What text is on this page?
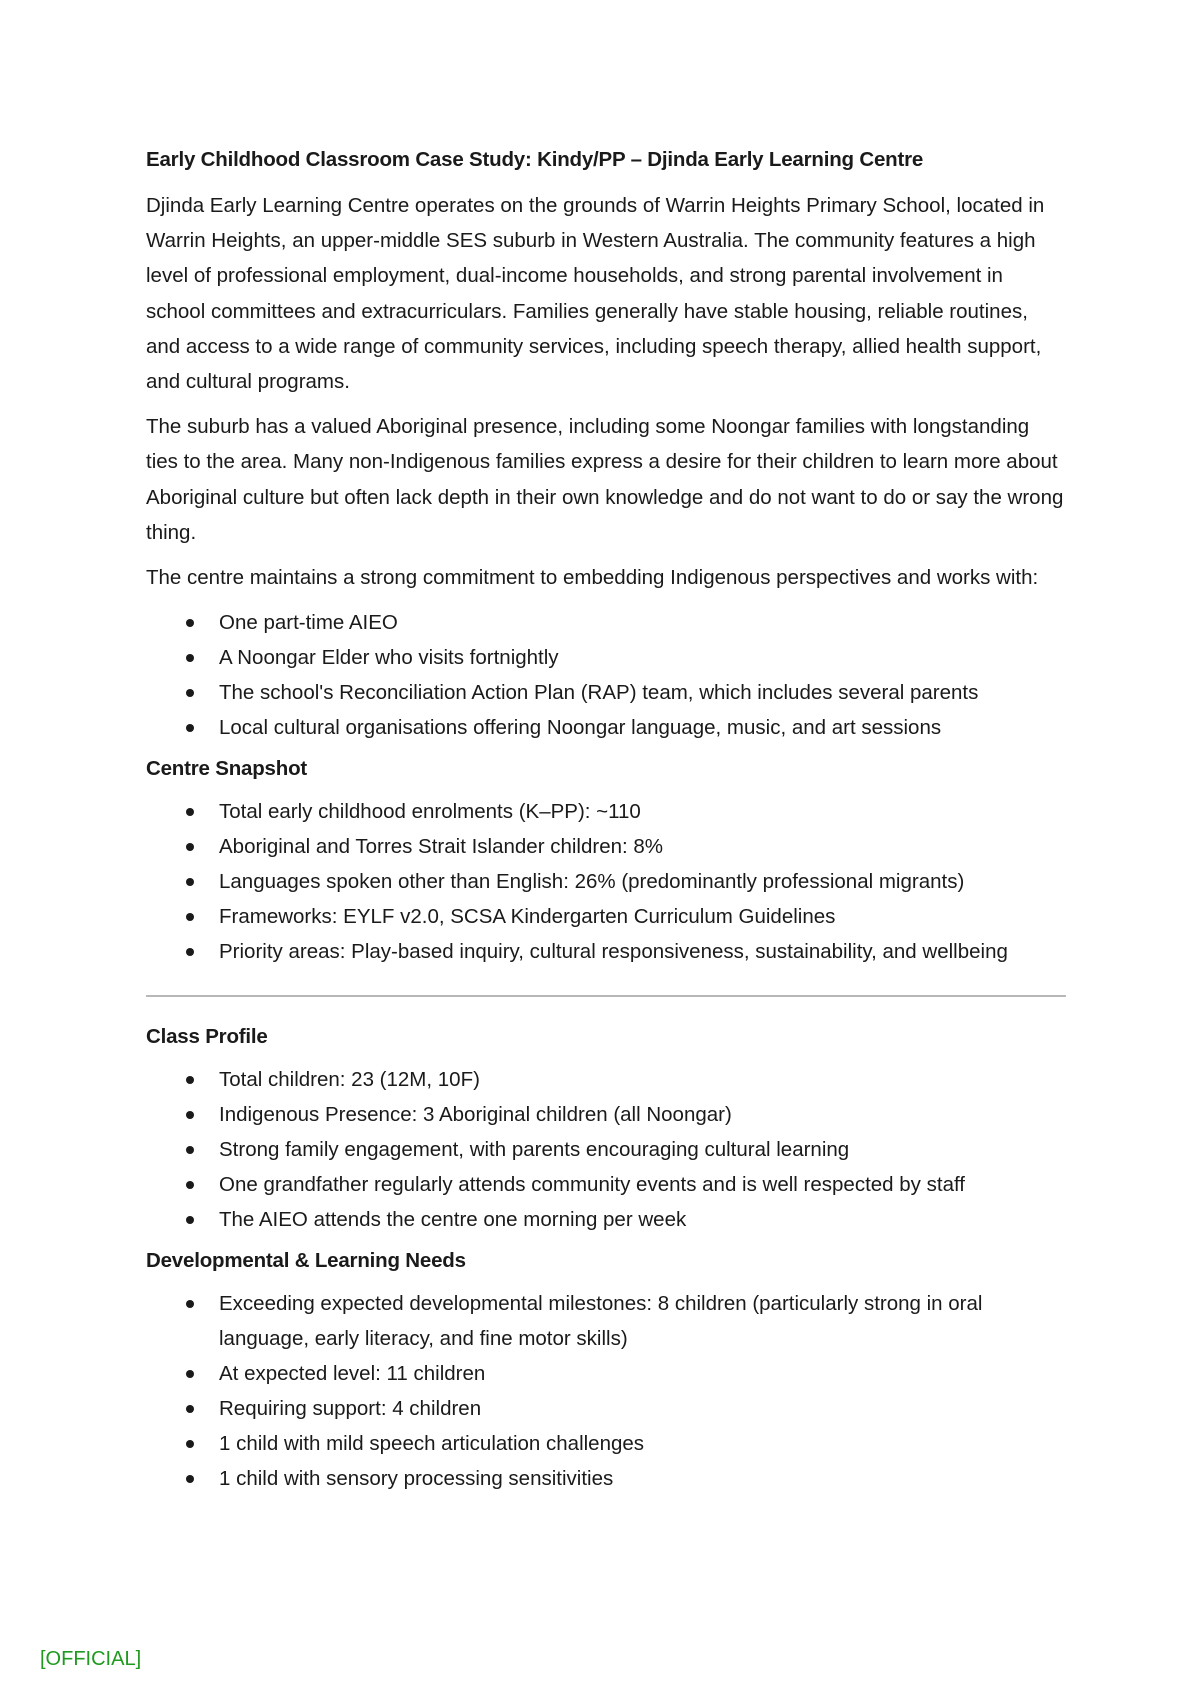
Early Childhood Classroom Case Study: Kindy/PP – Djinda Early Learning Centre

Djinda Early Learning Centre operates on the grounds of Warrin Heights Primary School, located in Warrin Heights, an upper-middle SES suburb in Western Australia. The community features a high level of professional employment, dual-income households, and strong parental involvement in school committees and extracurriculars. Families generally have stable housing, reliable routines, and access to a wide range of community services, including speech therapy, allied health support, and cultural programs.

The suburb has a valued Aboriginal presence, including some Noongar families with longstanding ties to the area. Many non-Indigenous families express a desire for their children to learn more about Aboriginal culture but often lack depth in their own knowledge and do not want to do or say the wrong thing.

The centre maintains a strong commitment to embedding Indigenous perspectives and works with:

One part-time AIEO
A Noongar Elder who visits fortnightly
The school's Reconciliation Action Plan (RAP) team, which includes several parents
Local cultural organisations offering Noongar language, music, and art sessions
Centre Snapshot
Total early childhood enrolments (K–PP): ~110
Aboriginal and Torres Strait Islander children: 8%
Languages spoken other than English: 26% (predominantly professional migrants)
Frameworks: EYLF v2.0, SCSA Kindergarten Curriculum Guidelines
Priority areas: Play-based inquiry, cultural responsiveness, sustainability, and wellbeing
Class Profile
Total children: 23 (12M, 10F)
Indigenous Presence: 3 Aboriginal children (all Noongar)
Strong family engagement, with parents encouraging cultural learning
One grandfather regularly attends community events and is well respected by staff
The AIEO attends the centre one morning per week
Developmental & Learning Needs
Exceeding expected developmental milestones: 8 children (particularly strong in oral language, early literacy, and fine motor skills)
At expected level: 11 children
Requiring support: 4 children
1 child with mild speech articulation challenges
1 child with sensory processing sensitivities
[OFFICIAL]
